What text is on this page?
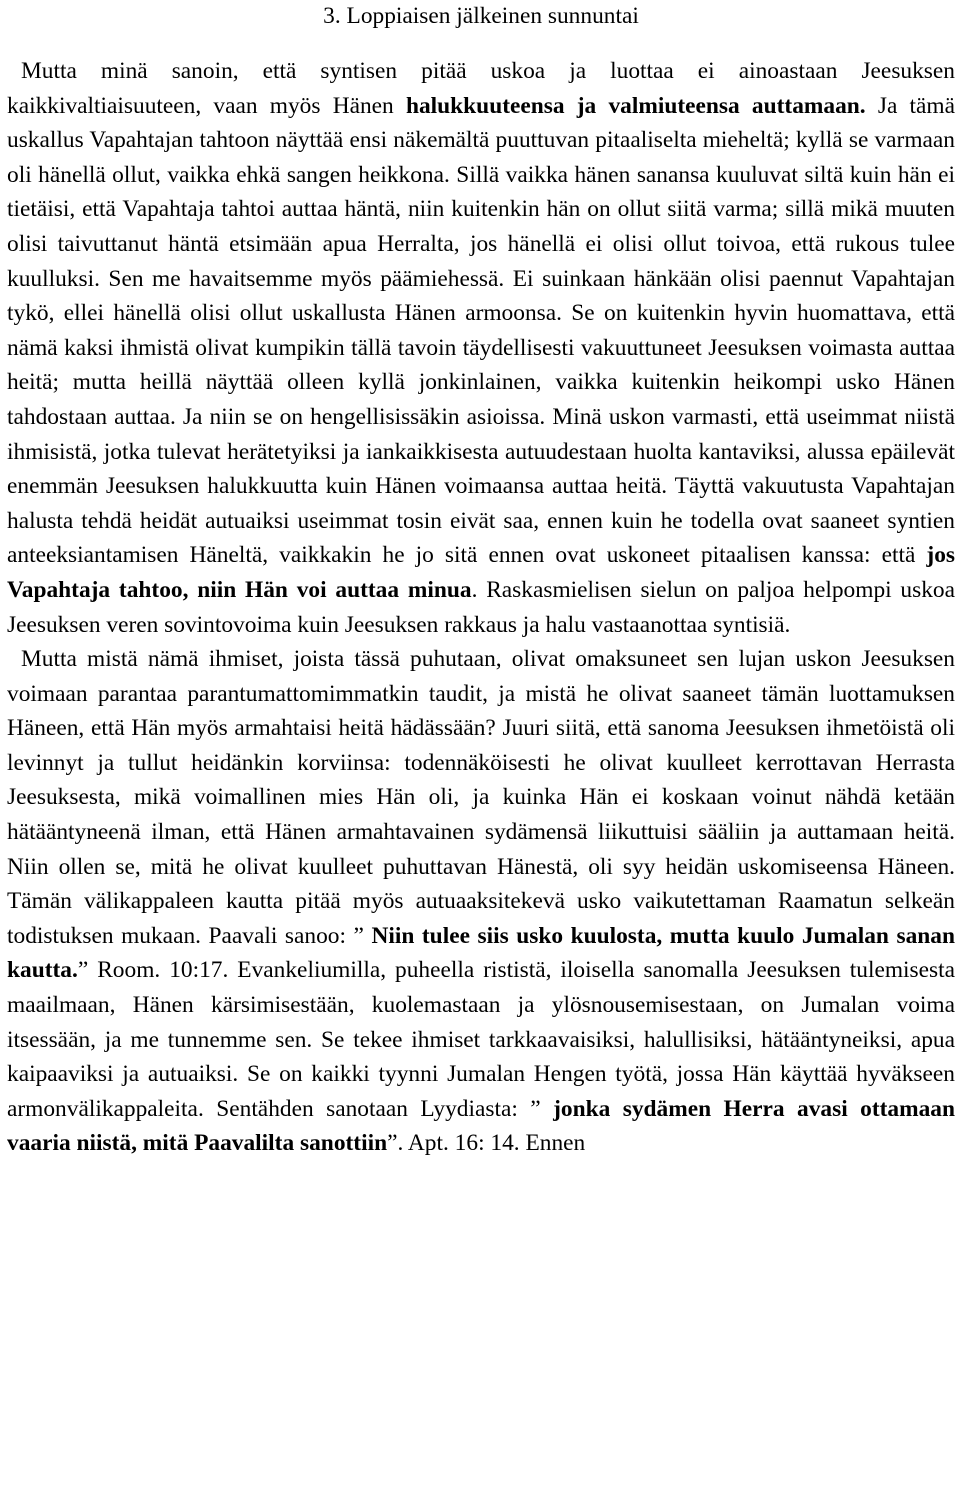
3. Loppiaisen jälkeinen sunnuntai

Mutta minä sanoin, että syntisen pitää uskoa ja luottaa ei ainoastaan Jeesuksen kaikkivaltiaisuuteen, vaan myös Hänen halukkuuteensa ja valmiuteensa auttamaan. Ja tämä uskallus Vapahtajan tahtoon näyttää ensi näkemältä puuttuvan pitaaliselta mieheltä; kyllä se varmaan oli hänellä ollut, vaikka ehkä sangen heikkona. Sillä vaikka hänen sanansa kuuluvat siltä kuin hän ei tietäisi, että Vapahtaja tahtoi auttaa häntä, niin kuitenkin hän on ollut siitä varma; sillä mikä muuten olisi taivuttanut häntä etsimään apua Herralta, jos hänellä ei olisi ollut toivoa, että rukous tulee kuulluksi. Sen me havaitsemme myös päämiehessä. Ei suinkaan hänkään olisi paennut Vapahtajan tykö, ellei hänellä olisi ollut uskallusta Hänen armoonsa. Se on kuitenkin hyvin huomattava, että nämä kaksi ihmistä olivat kumpikin tällä tavoin täydellisesti vakuuttuneet Jeesuksen voimasta auttaa heitä; mutta heillä näyttää olleen kyllä jonkinlainen, vaikka kuitenkin heikompi usko Hänen tahdostaan auttaa. Ja niin se on hengellisissäkin asioissa. Minä uskon varmasti, että useimmat niistä ihmisistä, jotka tulevat herätetyiksi ja iankaikkisesta autuudestaan huolta kantaviksi, alussa epäilevät enemmän Jeesuksen halukkuutta kuin Hänen voimaansa auttaa heitä. Täyttä vakuutusta Vapahtajan halusta tehdä heidät autuaiksi useimmat tosin eivät saa, ennen kuin he todella ovat saaneet syntien anteeksiantamisen Häneltä, vaikkakin he jo sitä ennen ovat uskoneet pitaalisen kanssa: että jos Vapahtaja tahtoo, niin Hän voi auttaa minua. Raskasmielisen sielun on paljoa helpompi uskoa Jeesuksen veren sovintovoima kuin Jeesuksen rakkaus ja halu vastaanottaa syntisiä.

Mutta mistä nämä ihmiset, joista tässä puhutaan, olivat omaksuneet sen lujan uskon Jeesuksen voimaan parantaa parantumattomimmatkin taudit, ja mistä he olivat saaneet tämän luottamuksen Häneen, että Hän myös armahtaisi heitä hädässään? Juuri siitä, että sanoma Jeesuksen ihmetöistä oli levinnyt ja tullut heidänkin korviinsa: todennäköisesti he olivat kuulleet kerrottavan Herrasta Jeesuksesta, mikä voimallinen mies Hän oli, ja kuinka Hän ei koskaan voinut nähdä ketään hätääntyneenä ilman, että Hänen armahtavainen sydämensä liikuttuisi sääliin ja auttamaan heitä. Niin ollen se, mitä he olivat kuulleet puhuttavan Hänestä, oli syy heidän uskomiseensa Häneen. Tämän välikappaleen kautta pitää myös autuaaksitekevä usko vaikutettaman Raamatun selkeän todistuksen mukaan. Paavali sanoo: ” Niin tulee siis usko kuulosta, mutta kuulo Jumalan sanan kautta.” Room. 10:17. Evankeliumilla, puheella rististä, iloisella sanomalla Jeesuksen tulemisesta maailmaan, Hänen kärsimisestään, kuolemastaan ja ylösnousemisestaan, on Jumalan voima itsessään, ja me tunnemme sen. Se tekee ihmiset tarkkaavaisiksi, halullisiksi, hätääntyneiksi, apua kaipaaviksi ja autuaiksi. Se on kaikki tyynni Jumalan Hengen työtä, jossa Hän käyttää hyväkseen armonvälikappaleita. Sentähden sanotaan Lyydiasta: ” jonka sydämen Herra avasi ottamaan vaaria niistä, mitä Paavalilta sanottiin”. Apt. 16: 14. Ennen
